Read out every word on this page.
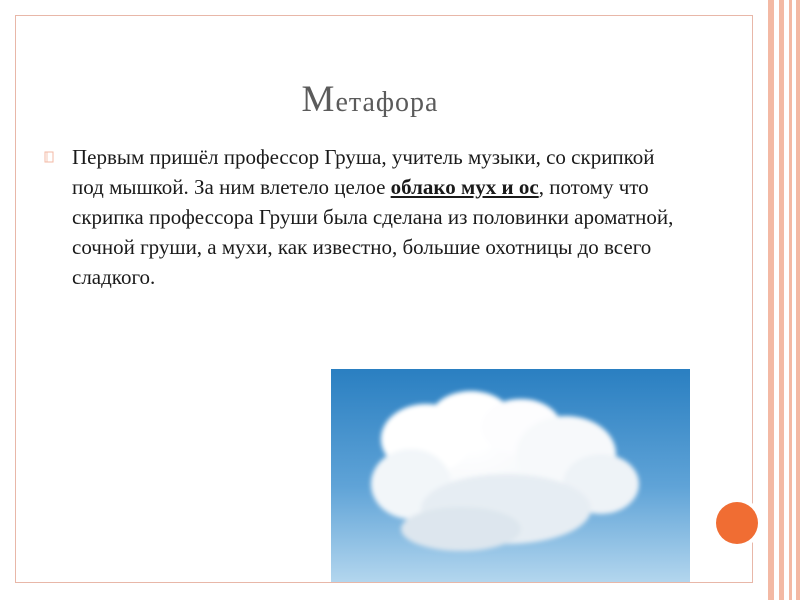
Метафора
Первым пришёл профессор Груша, учитель музыки, со скрипкой под мышкой. За ним влетело целое облако мух и ос, потому что скрипка профессора Груши была сделана из половинки ароматной, сочной груши, а мухи, как известно, большие охотницы до всего сладкого.
